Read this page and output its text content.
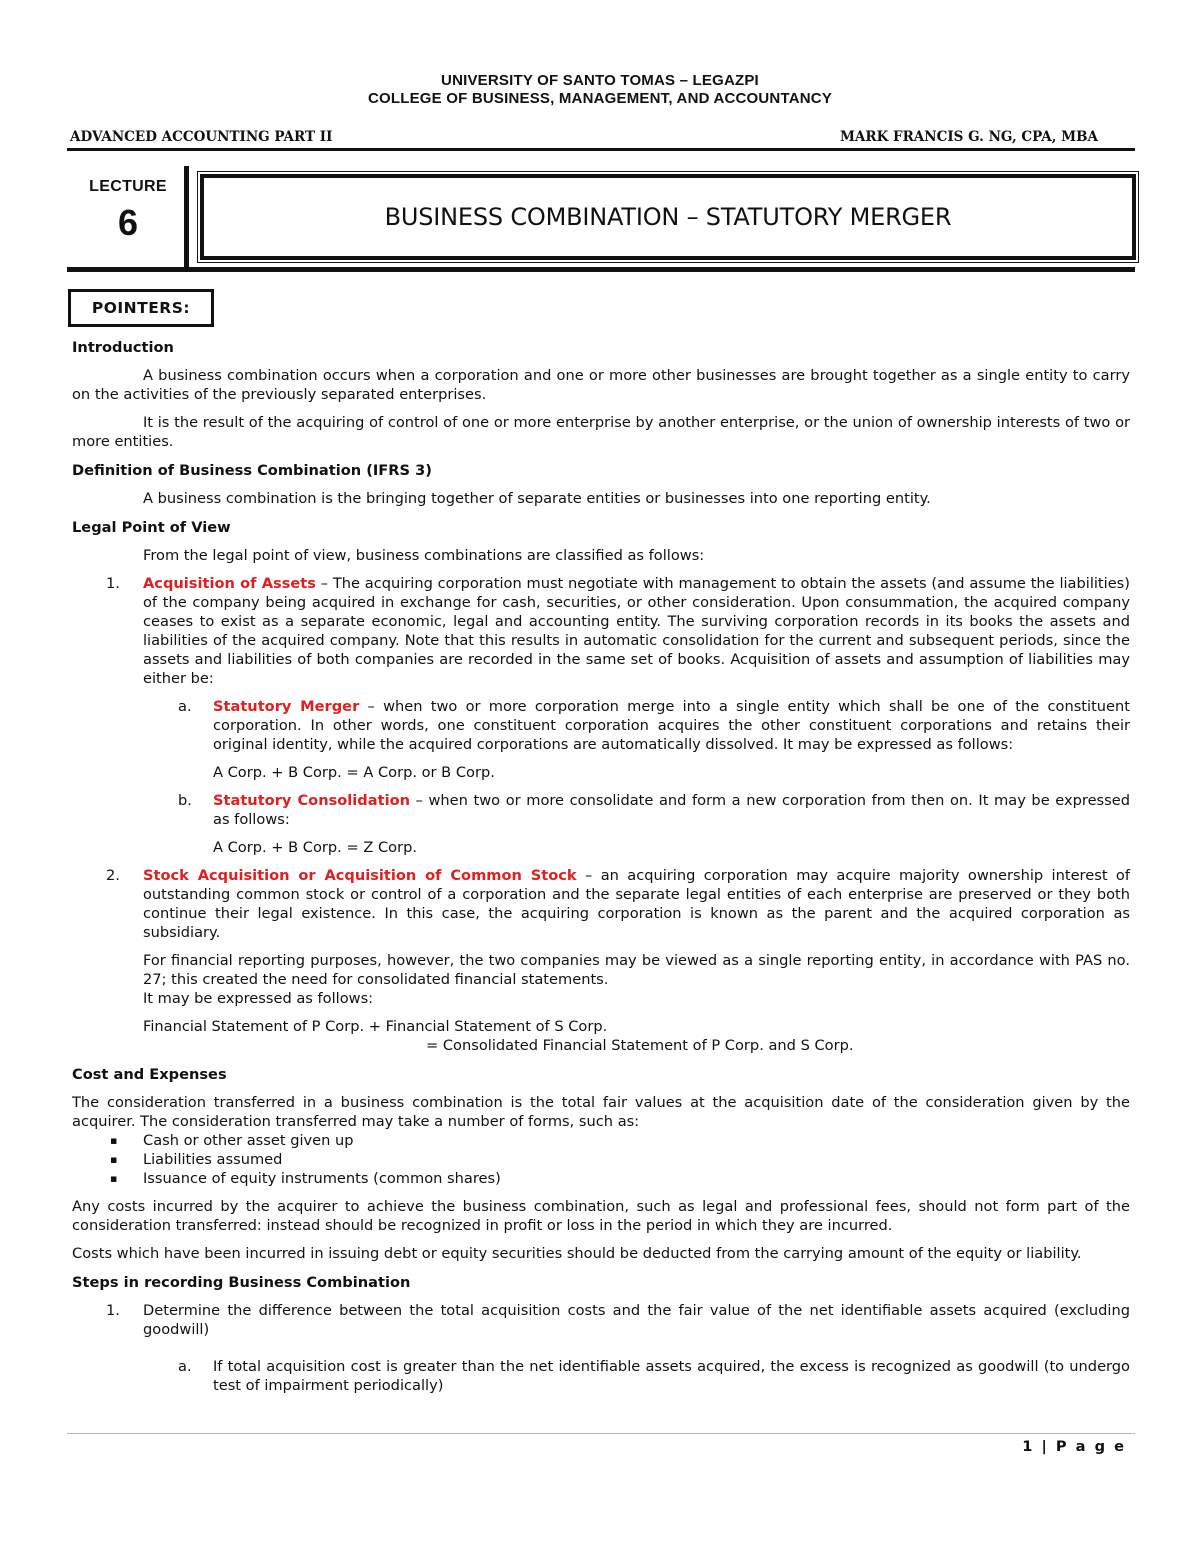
UNIVERSITY OF SANTO TOMAS – LEGAZPI
COLLEGE OF BUSINESS, MANAGEMENT, AND ACCOUNTANCY
ADVANCED ACCOUNTING PART II	MARK FRANCIS G. NG, CPA, MBA
LECTURE
6	BUSINESS COMBINATION – STATUTORY MERGER
POINTERS:
Introduction

A business combination occurs when a corporation and one or more other businesses are brought together as a single entity to carry on the activities of the previously separated enterprises.

It is the result of the acquiring of control of one or more enterprise by another enterprise, or the union of ownership interests of two or more entities.

Definition of Business Combination (IFRS 3)

A business combination is the bringing together of separate entities or businesses into one reporting entity.

Legal Point of View

From the legal point of view, business combinations are classified as follows:

1. Acquisition of Assets – The acquiring corporation must negotiate with management to obtain the assets (and assume the liabilities) of the company being acquired in exchange for cash, securities, or other consideration. Upon consummation, the acquired company ceases to exist as a separate economic, legal and accounting entity. The surviving corporation records in its books the assets and liabilities of the acquired company. Note that this results in automatic consolidation for the current and subsequent periods, since the assets and liabilities of both companies are recorded in the same set of books. Acquisition of assets and assumption of liabilities may either be:

a. Statutory Merger – when two or more corporation merge into a single entity which shall be one of the constituent corporation. In other words, one constituent corporation acquires the other constituent corporations and retains their original identity, while the acquired corporations are automatically dissolved. It may be expressed as follows:

A Corp. + B Corp. = A Corp. or B Corp.
b. Statutory Consolidation – when two or more consolidate and form a new corporation from then on. It may be expressed as follows:

A Corp. + B Corp. = Z Corp.
2. Stock Acquisition or Acquisition of Common Stock – an acquiring corporation may acquire majority ownership interest of outstanding common stock or control of a corporation and the separate legal entities of each enterprise are preserved or they both continue their legal existence. In this case, the acquiring corporation is known as the parent and the acquired corporation as subsidiary.

For financial reporting purposes, however, the two companies may be viewed as a single reporting entity, in accordance with PAS no. 27; this created the need for consolidated financial statements.

It may be expressed as follows:

Financial Statement of P Corp. + Financial Statement of S Corp.
= Consolidated Financial Statement of P Corp. and S Corp.
Cost and Expenses

The consideration transferred in a business combination is the total fair values at the acquisition date of the consideration given by the acquirer. The consideration transferred may take a number of forms, such as:

▪ Cash or other asset given up
▪ Liabilities assumed
▪ Issuance of equity instruments (common shares)

Any costs incurred by the acquirer to achieve the business combination, such as legal and professional fees, should not form part of the consideration transferred: instead should be recognized in profit or loss in the period in which they are incurred.

Costs which have been incurred in issuing debt or equity securities should be deducted from the carrying amount of the equity or liability.

Steps in recording Business Combination
1. Determine the difference between the total acquisition costs and the fair value of the net identifiable assets acquired (excluding goodwill)

a. If total acquisition cost is greater than the net identifiable assets acquired, the excess is recognized as goodwill (to undergo test of impairment periodically)

1 | P a g e
